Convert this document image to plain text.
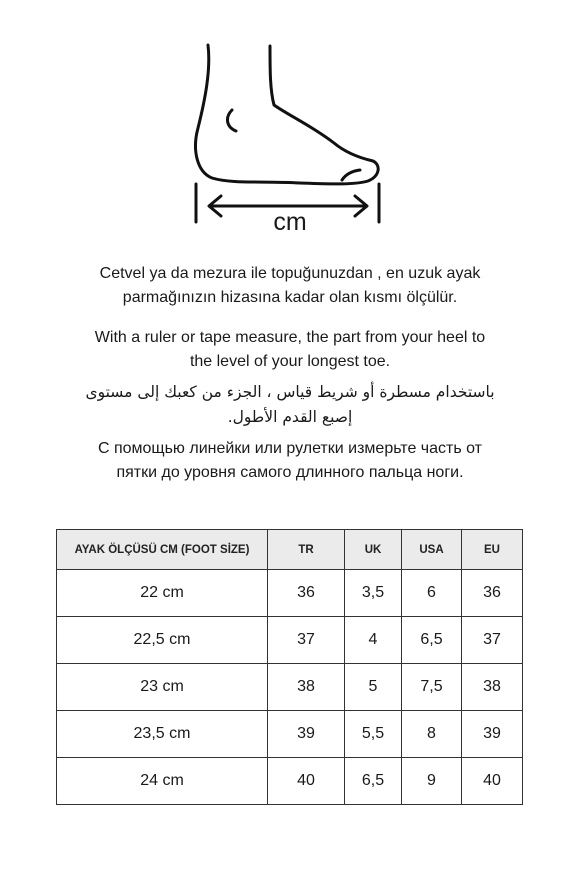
cm

Cetvel ya da mezura ile topuğunuzdan , en uzuk ayak
parmağınızın hizasına kadar olan kısmı ölçülür.

With a ruler or tape measure, the part from your heel to
the level of your longest toe.

باستخدام مسطرة أو شريط قياس ، الجزء من كعبك إلى مستوى
إصبع القدم الأطول.

С помощью линейки или рулетки измерьте часть от
пятки до уровня самого длинного пальца ноги.

AYAK ÖLÇÜSÜ CM (FOOT SİZE)	TR	UK	USA	EU
22 cm	36	3,5	6	36
22,5 cm	37	4	6,5	37
23 cm	38	5	7,5	38
23,5 cm	39	5,5	8	39
24 cm	40	6,5	9	40
